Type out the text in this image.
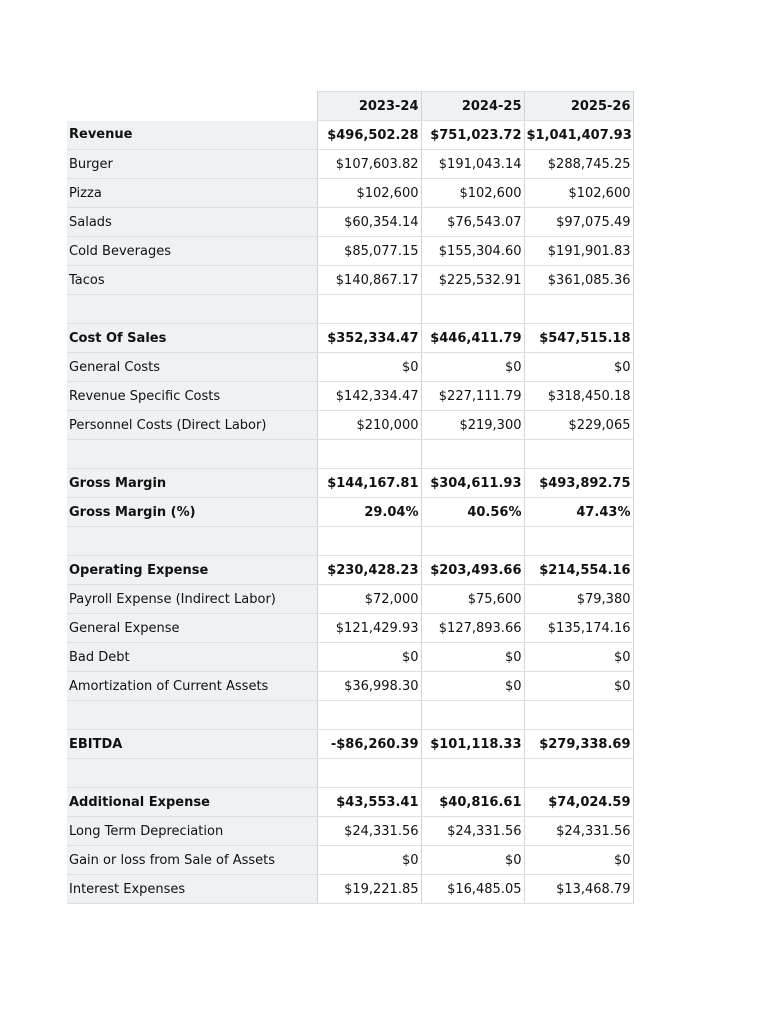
	2023-24	2024-25	2025-26
Revenue	$496,502.28	$751,023.72	$1,041,407.93
Burger	$107,603.82	$191,043.14	$288,745.25
Pizza	$102,600	$102,600	$102,600
Salads	$60,354.14	$76,543.07	$97,075.49
Cold Beverages	$85,077.15	$155,304.60	$191,901.83
Tacos	$140,867.17	$225,532.91	$361,085.36

Cost Of Sales	$352,334.47	$446,411.79	$547,515.18
General Costs	$0	$0	$0
Revenue Specific Costs	$142,334.47	$227,111.79	$318,450.18
Personnel Costs (Direct Labor)	$210,000	$219,300	$229,065

Gross Margin	$144,167.81	$304,611.93	$493,892.75
Gross Margin (%)	29.04%	40.56%	47.43%

Operating Expense	$230,428.23	$203,493.66	$214,554.16
Payroll Expense (Indirect Labor)	$72,000	$75,600	$79,380
General Expense	$121,429.93	$127,893.66	$135,174.16
Bad Debt	$0	$0	$0
Amortization of Current Assets	$36,998.30	$0	$0

EBITDA	-$86,260.39	$101,118.33	$279,338.69

Additional Expense	$43,553.41	$40,816.61	$74,024.59
Long Term Depreciation	$24,331.56	$24,331.56	$24,331.56
Gain or loss from Sale of Assets	$0	$0	$0
Interest Expenses	$19,221.85	$16,485.05	$13,468.79
